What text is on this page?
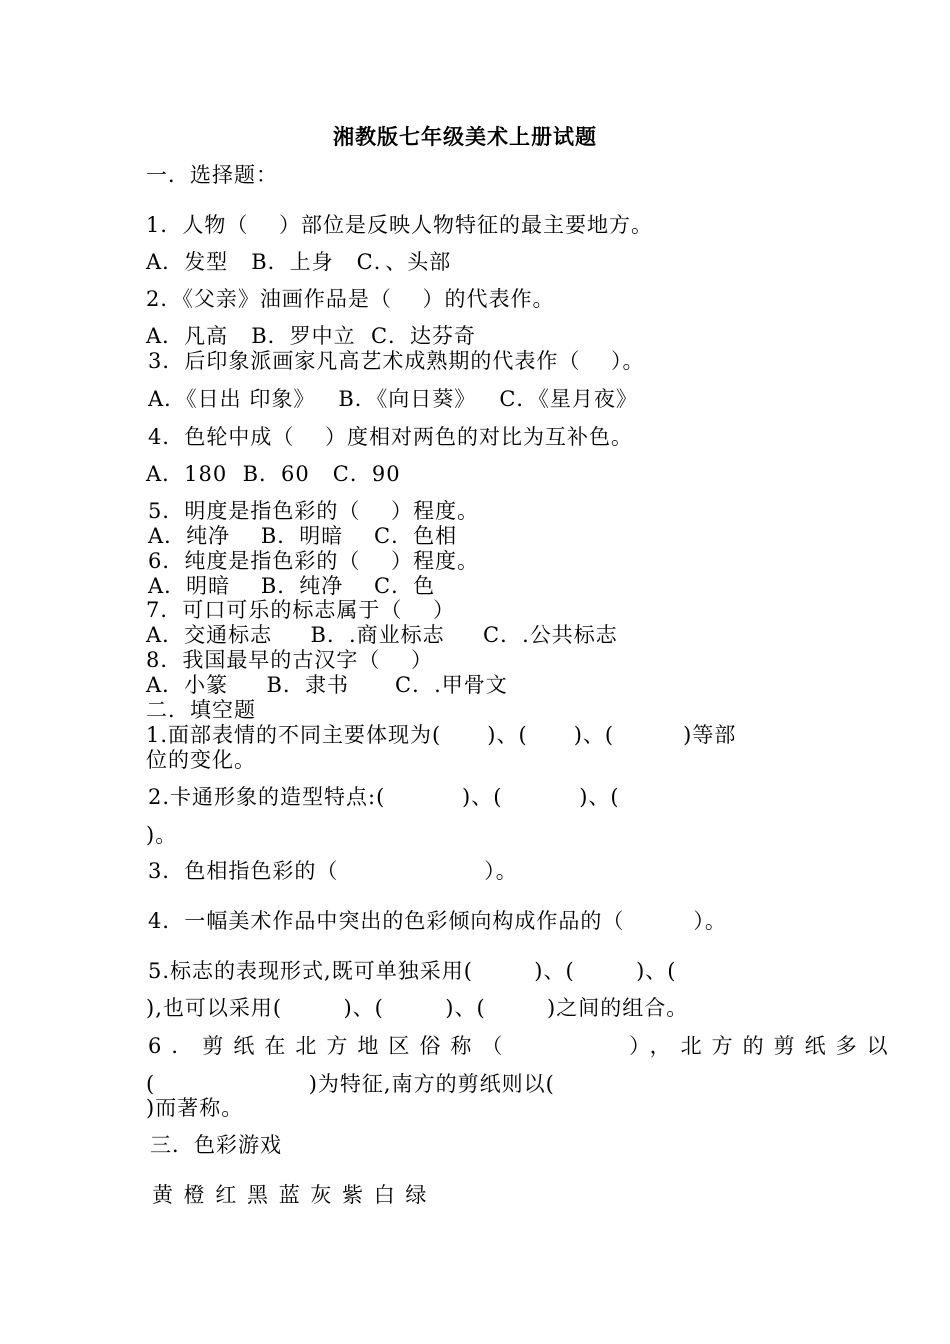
湘教版七年级美术上册试题
一．选择题：
1．人物（    ）部位是反映人物特征的最主要地方。
A．发型   B．上身   C．、头部
2．《父亲》油画作品是（    ）的代表作。
A．凡高   B．罗中立  C．达芬奇
3．后印象派画家凡高艺术成熟期的代表作（    ）。
A．《日出 印象》   B．《向日葵》   C．《星月夜》
4．色轮中成（    ）度相对两色的对比为互补色。
A．180  B．60   C．90
5．明度是指色彩的（    ）程度。
A．纯净    B．明暗    C．色相
6．纯度是指色彩的（    ）程度。
A．明暗    B．纯净    C．色
7．可口可乐的标志属于（    ）
A．交通标志     B．.商业标志     C．.公共标志
8．我国最早的古汉字（    ）
A．小篆     B．隶书      C．.甲骨文
二．填空题
1.面部表情的不同主要体现为(      )、(      )、(         )等部
位的变化。
2.卡通形象的造型特点:(          )、(          )、(
)。
3．色相指色彩的（                   ）。
4．一幅美术作品中突出的色彩倾向构成作品的（         ）。
5.标志的表现形式,既可单独采用(        )、(        )、(
),也可以采用(        )、(        )、(        )之间的组合。
6．剪纸在北方地区俗称（       ），北方的剪纸多以
(                    )为特征,南方的剪纸则以(
)而著称。
三．色彩游戏
黄 橙 红 黑 蓝 灰 紫 白 绿
